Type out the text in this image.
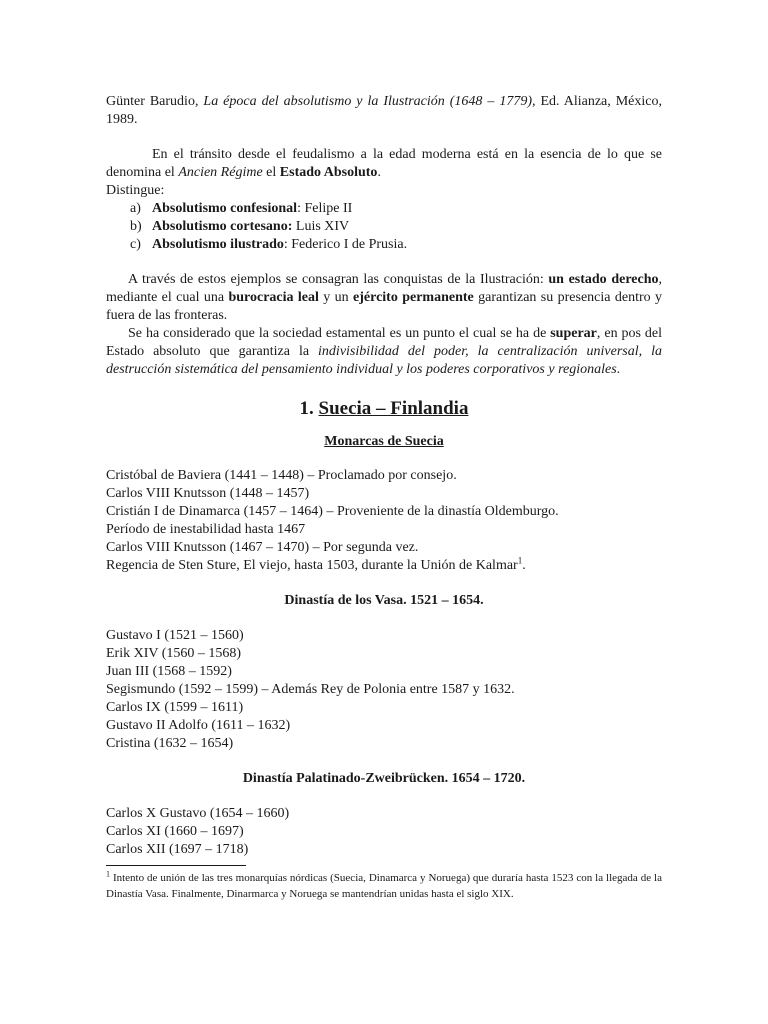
Günter Barudio, La época del absolutismo y la Ilustración (1648 – 1779), Ed. Alianza, México, 1989.

En el tránsito desde el feudalismo a la edad moderna está en la esencia de lo que se denomina el Ancien Régime el Estado Absoluto.

Distingue:

a) Absolutismo confesional: Felipe II
b) Absolutismo cortesano: Luis XIV
c) Absolutismo ilustrado: Federico I de Prusia.

A través de estos ejemplos se consagran las conquistas de la Ilustración: un estado derecho, mediante el cual una burocracia leal y un ejército permanente garantizan su presencia dentro y fuera de las fronteras.

Se ha considerado que la sociedad estamental es un punto el cual se ha de superar, en pos del Estado absoluto que garantiza la indivisibilidad del poder, la centralización universal, la destrucción sistemática del pensamiento individual y los poderes corporativos y regionales.

1. Suecia – Finlandia
Monarcas de Suecia

Cristóbal de Baviera (1441 – 1448) – Proclamado por consejo.

Carlos VIII Knutsson (1448 – 1457)

Cristián I de Dinamarca (1457 – 1464) – Proveniente de la dinastía Oldemburgo.

Período de inestabilidad hasta 1467

Carlos VIII Knutsson (1467 – 1470) – Por segunda vez.

Regencia de Sten Sture, El viejo, hasta 1503, durante la Unión de Kalmar$^1$.

Dinastía de los Vasa. 1521 – 1654.

Gustavo I (1521 – 1560)

Erik XIV (1560 – 1568)

Juan III (1568 – 1592)

Segismundo (1592 – 1599) – Además Rey de Polonia entre 1587 y 1632.

Carlos IX (1599 – 1611)

Gustavo II Adolfo (1611 – 1632)

Cristina (1632 – 1654)

Dinastía Palatinado-Zweibrücken. 1654 – 1720.

Carlos X Gustavo (1654 – 1660)

Carlos XI (1660 – 1697)

Carlos XII (1697 – 1718)

$^1$ Intento de unión de las tres monarquías nórdicas (Suecia, Dinamarca y Noruega) que duraría hasta 1523 con la llegada de la Dinastía Vasa. Finalmente, Dinarmarca y Noruega se mantendrían unidas hasta el siglo XIX.
